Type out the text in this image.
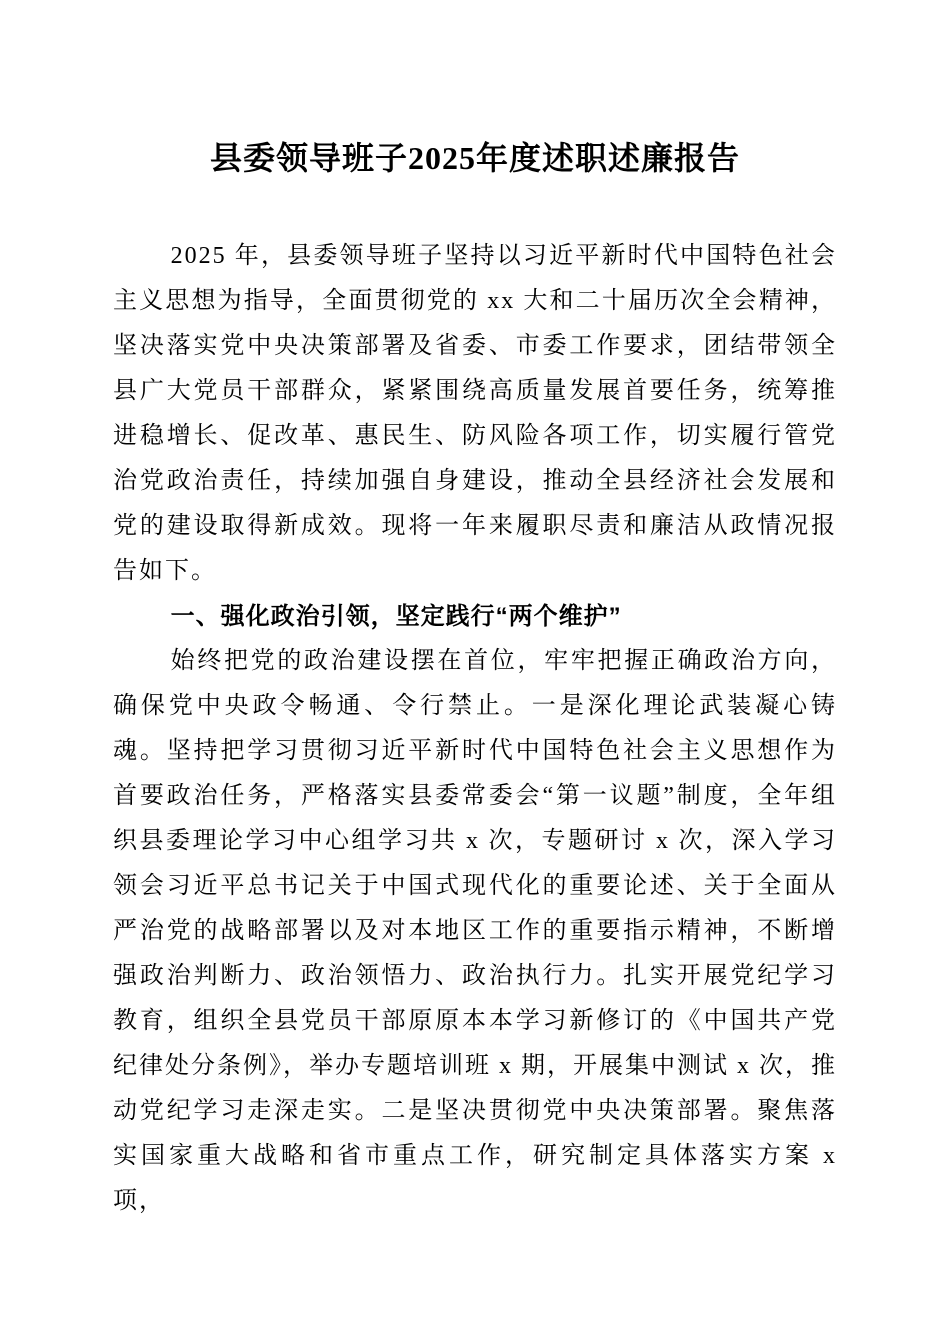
县委领导班子2025年度述职述廉报告

2025 年，县委领导班子坚持以习近平新时代中国特色社会主义思想为指导，全面贯彻党的 xx 大和二十届历次全会精神，坚决落实党中央决策部署及省委、市委工作要求，团结带领全县广大党员干部群众，紧紧围绕高质量发展首要任务，统筹推进稳增长、促改革、惠民生、防风险各项工作，切实履行管党治党政治责任，持续加强自身建设，推动全县经济社会发展和党的建设取得新成效。现将一年来履职尽责和廉洁从政情况报告如下。

一、强化政治引领，坚定践行“两个维护”

始终把党的政治建设摆在首位，牢牢把握正确政治方向，确保党中央政令畅通、令行禁止。一是深化理论武装凝心铸魂。坚持把学习贯彻习近平新时代中国特色社会主义思想作为首要政治任务，严格落实县委常委会“第一议题”制度，全年组织县委理论学习中心组学习共 x 次，专题研讨 x 次，深入学习领会习近平总书记关于中国式现代化的重要论述、关于全面从严治党的战略部署以及对本地区工作的重要指示精神，不断增强政治判断力、政治领悟力、政治执行力。扎实开展党纪学习教育，组织全县党员干部原原本本学习新修订的《中国共产党纪律处分条例》，举办专题培训班 x 期，开展集中测试 x 次，推动党纪学习走深走实。二是坚决贯彻党中央决策部署。聚焦落实国家重大战略和省市重点工作，研究制定具体落实方案 x 项，
